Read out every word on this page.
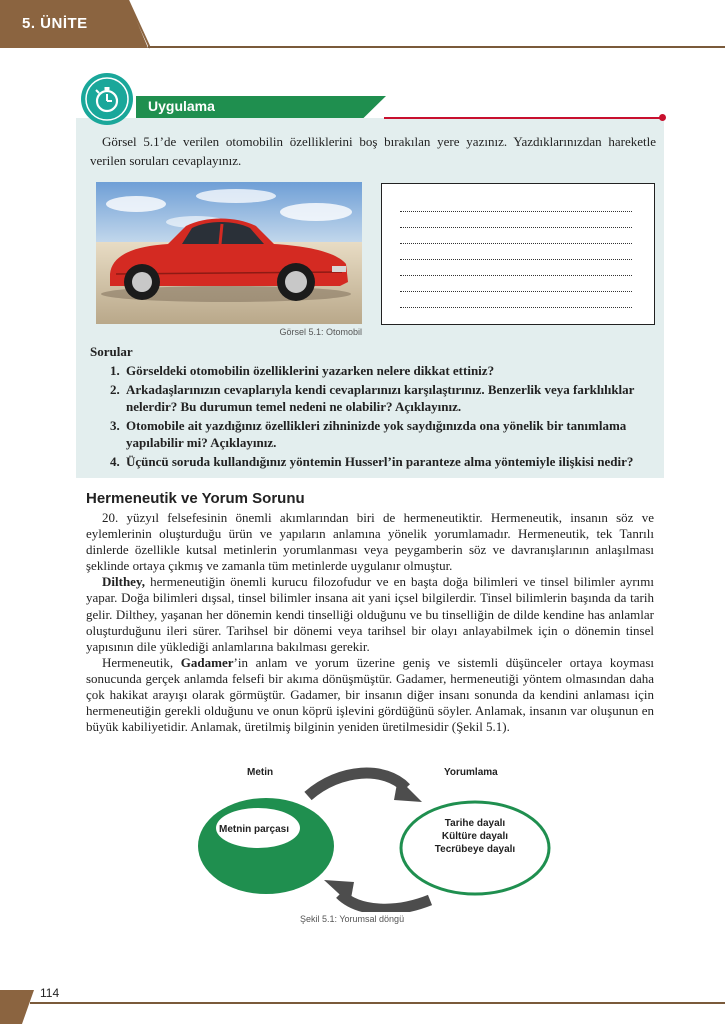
5. ÜNİTE
Uygulama
Görsel 5.1’de verilen otomobilin özelliklerini boş bırakılan yere yazınız. Yazdıklarınızdan hareketle verilen soruları cevaplayınız.
Görsel 5.1: Otomobil
Sorular
1. Görseldeki otomobilin özelliklerini yazarken nelere dikkat ettiniz?
2. Arkadaşlarınızın cevaplarıyla kendi cevaplarınızı karşılaştırınız. Benzerlik veya farklılıklar nelerdir? Bu durumun temel nedeni ne olabilir? Açıklayınız.
3. Otomobile ait yazdığınız özellikleri zihninizde yok saydığınızda ona yönelik bir tanımlama yapılabilir mi? Açıklayınız.
4. Üçüncü soruda kullandığınız yöntemin Husserl’in paranteze alma yöntemiyle ilişkisi nedir?
Hermeneutik ve Yorum Sorunu

20. yüzyıl felsefesinin önemli akımlarından biri de hermeneutiktir. Hermeneutik, insanın söz ve eylemlerinin oluşturduğu ürün ve yapıların anlamına yönelik yorumlamadır. Hermeneutik, tek Tanrılı dinlerde özellikle kutsal metinlerin yorumlanması veya peygamberin söz ve davranışlarının anlaşılması şeklinde ortaya çıkmış ve zamanla tüm metinlerde uygulanır olmuştur.

Dilthey, hermeneutiğin önemli kurucu filozofudur ve en başta doğa bilimleri ve tinsel bilimler ayrımı yapar. Doğa bilimleri dışsal, tinsel bilimler insana ait yani içsel bilgilerdir. Tinsel bilimlerin başında da tarih gelir. Dilthey, yaşanan her dönemin kendi tinselliği olduğunu ve bu tinselliğin de dilde kendine has anlamlar oluşturduğunu ileri sürer. Tarihsel bir dönemi veya tarihsel bir olayı anlayabilmek için o dönemin tinsel yapısının dile yüklediği anlamlarına bakılması gerekir.

Hermeneutik, Gadamer’in anlam ve yorum üzerine geniş ve sistemli düşünceler ortaya koyması sonucunda gerçek anlamda felsefi bir akıma dönüşmüştür. Gadamer, hermeneutiği yöntem olmasından daha çok hakikat arayışı olarak görmüştür. Gadamer, bir insanın diğer insanı sonunda da kendini anlaması için hermeneutiğin gerekli olduğunu ve onun köprü işlevini gördüğünü söyler. Anlamak, insanın var oluşunun en büyük kabiliyetidir. Anlamak, üretilmiş bilginin yeniden üretilmesidir (Şekil 5.1).

Metin	Yorumlama
Metnin parçası
Tarihe dayalı
Kültüre dayalı
Tecrübeye dayalı
Şekil 5.1: Yorumsal döngü
114
